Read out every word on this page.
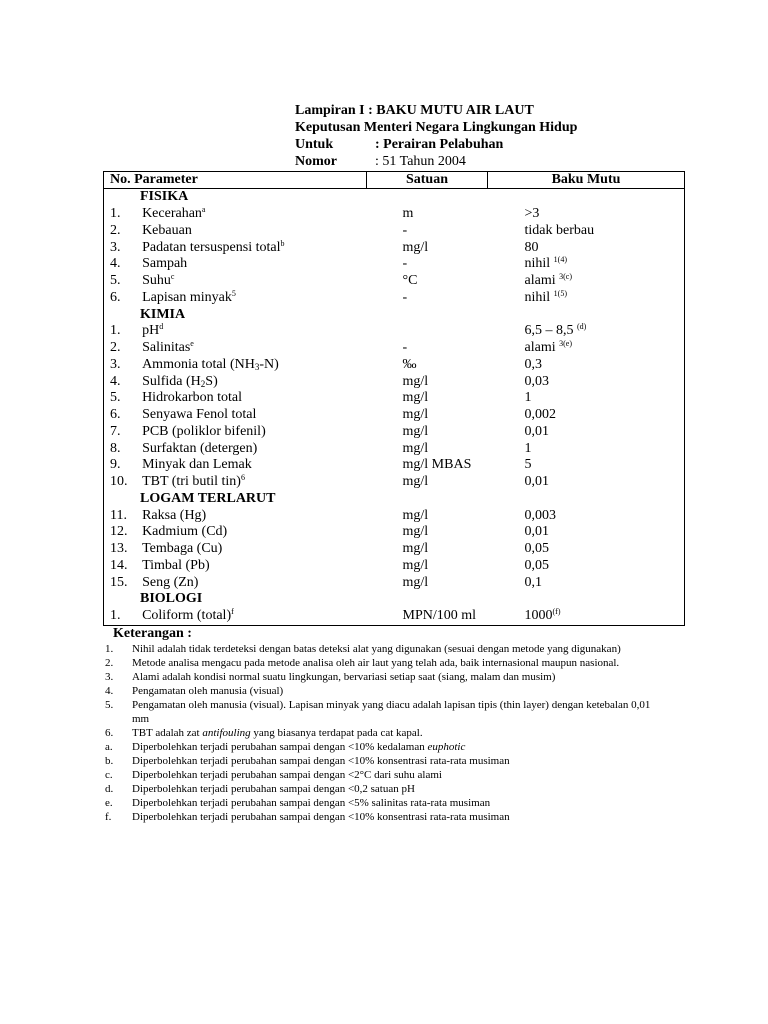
Lampiran I : BAKU MUTU AIR LAUT
Keputusan Menteri Negara Lingkungan Hidup
Untuk	: Perairan Pelabuhan
Nomor	: 51 Tahun 2004
No. Parameter		Satuan	Baku Mutu
FISIKA			
1.	Kecerahan$^a$	m	>3
2.	Kebauan	-	tidak berbau
3.	Padatan tersuspensi total$^b$	mg/l	80
4.	Sampah	-	nihil $^{1(4)}$
5.	Suhu$^c$	°C	alami $^{3(c)}$
6.	Lapisan minyak$^5$	-	nihil $^{1(5)}$
KIMIA			
1.	$pH^d$		6,5 – 8,5 $^{(d)}$
2.	Salinitas$^e$	-	alami $^{3(e)}$
3.	Ammonia total $(NH_3-N)$	‰	0,3
4.	Sulfida $(H_2S)$	mg/l	0,03
5.	Hidrokarbon total	mg/l	1
6.	Senyawa Fenol total	mg/l	0,002
7.	PCB (poliklor bifenil)	mg/l	0,01
8.	Surfaktan (detergen)	mg/l	1
9.	Minyak dan Lemak	mg/l MBAS	5
10.	TBT (tri butil tin)$^6$	mg/l	0,01
LOGAM TERLARUT			
11.	Raksa (Hg)	mg/l	0,003
12.	Kadmium (Cd)	mg/l	0,01
13.	Tembaga (Cu)	mg/l	0,05
14.	Timbal (Pb)	mg/l	0,05
15.	Seng (Zn)	mg/l	0,1
BIOLOGI			
1.	Coliform (total)$^f$	MPN/100 ml	1000$^{(f)}$
Keterangan :
1.	Nihil adalah tidak terdeteksi dengan batas deteksi alat yang digunakan (sesuai dengan metode yang digunakan)
2.	Metode analisa mengacu pada metode analisa oleh air laut yang telah ada, baik internasional maupun nasional.
3.	Alami adalah kondisi normal suatu lingkungan, bervariasi setiap saat (siang, malam dan musim)
4.	Pengamatan oleh manusia (visual)
5.	Pengamatan oleh manusia (visual). Lapisan minyak yang diacu adalah lapisan tipis (thin layer) dengan ketebalan 0,01 mm
6.	TBT adalah zat antifouling yang biasanya terdapat pada cat kapal.
a.	Diperbolehkan terjadi perubahan sampai dengan <10% kedalaman euphotic
b.	Diperbolehkan terjadi perubahan sampai dengan <10% konsentrasi rata-rata musiman
c.	Diperbolehkan terjadi perubahan sampai dengan <2°C dari suhu alami
d.	Diperbolehkan terjadi perubahan sampai dengan <0,2 satuan pH
e.	Diperbolehkan terjadi perubahan sampai dengan <5% salinitas rata-rata musiman
f.	Diperbolehkan terjadi perubahan sampai dengan <10% konsentrasi rata-rata musiman
